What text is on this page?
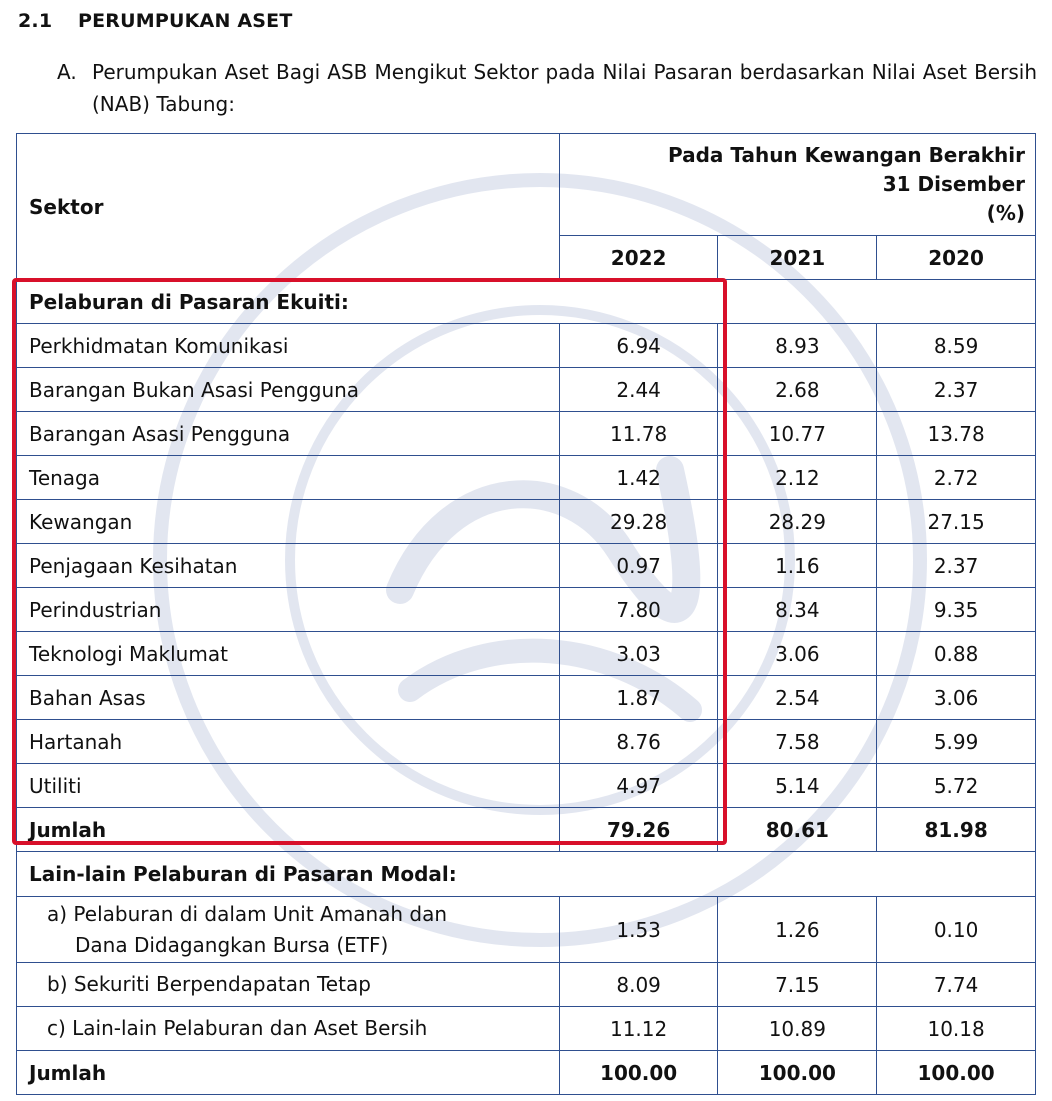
2.1 PERUMPUKAN ASET
A. Perumpukan Aset Bagi ASB Mengikut Sektor pada Nilai Pasaran berdasarkan Nilai Aset Bersih (NAB) Tabung:
Sektor	Pada Tahun Kewangan Berakhir
31 Disember
(%)		

	2022	2021	2020
Pelaburan di Pasaran Ekuiti:			
Perkhidmatan Komunikasi	6.94	8.93	8.59
Barangan Bukan Asasi Pengguna	2.44	2.68	2.37
Barangan Asasi Pengguna	11.78	10.77	13.78
Tenaga	1.42	2.12	2.72
Kewangan	29.28	28.29	27.15
Penjagaan Kesihatan	0.97	1.16	2.37
Perindustrian	7.80	8.34	9.35
Teknologi Maklumat	3.03	3.06	0.88
Bahan Asas	1.87	2.54	3.06
Hartanah	8.76	7.58	5.99
Utiliti	4.97	5.14	5.72
Jumlah	79.26	80.61	81.98
Lain-lain Pelaburan di Pasaran Modal:			

a) Pelaburan di dalam Unit Amanah dan
Dana Didagangkan Bursa (ETF)	1.53	1.26	0.10
b) Sekuriti Berpendapatan Tetap	8.09	7.15	7.74
c) Lain-lain Pelaburan dan Aset Bersih	11.12	10.89	10.18
Jumlah	100.00	100.00	100.00
